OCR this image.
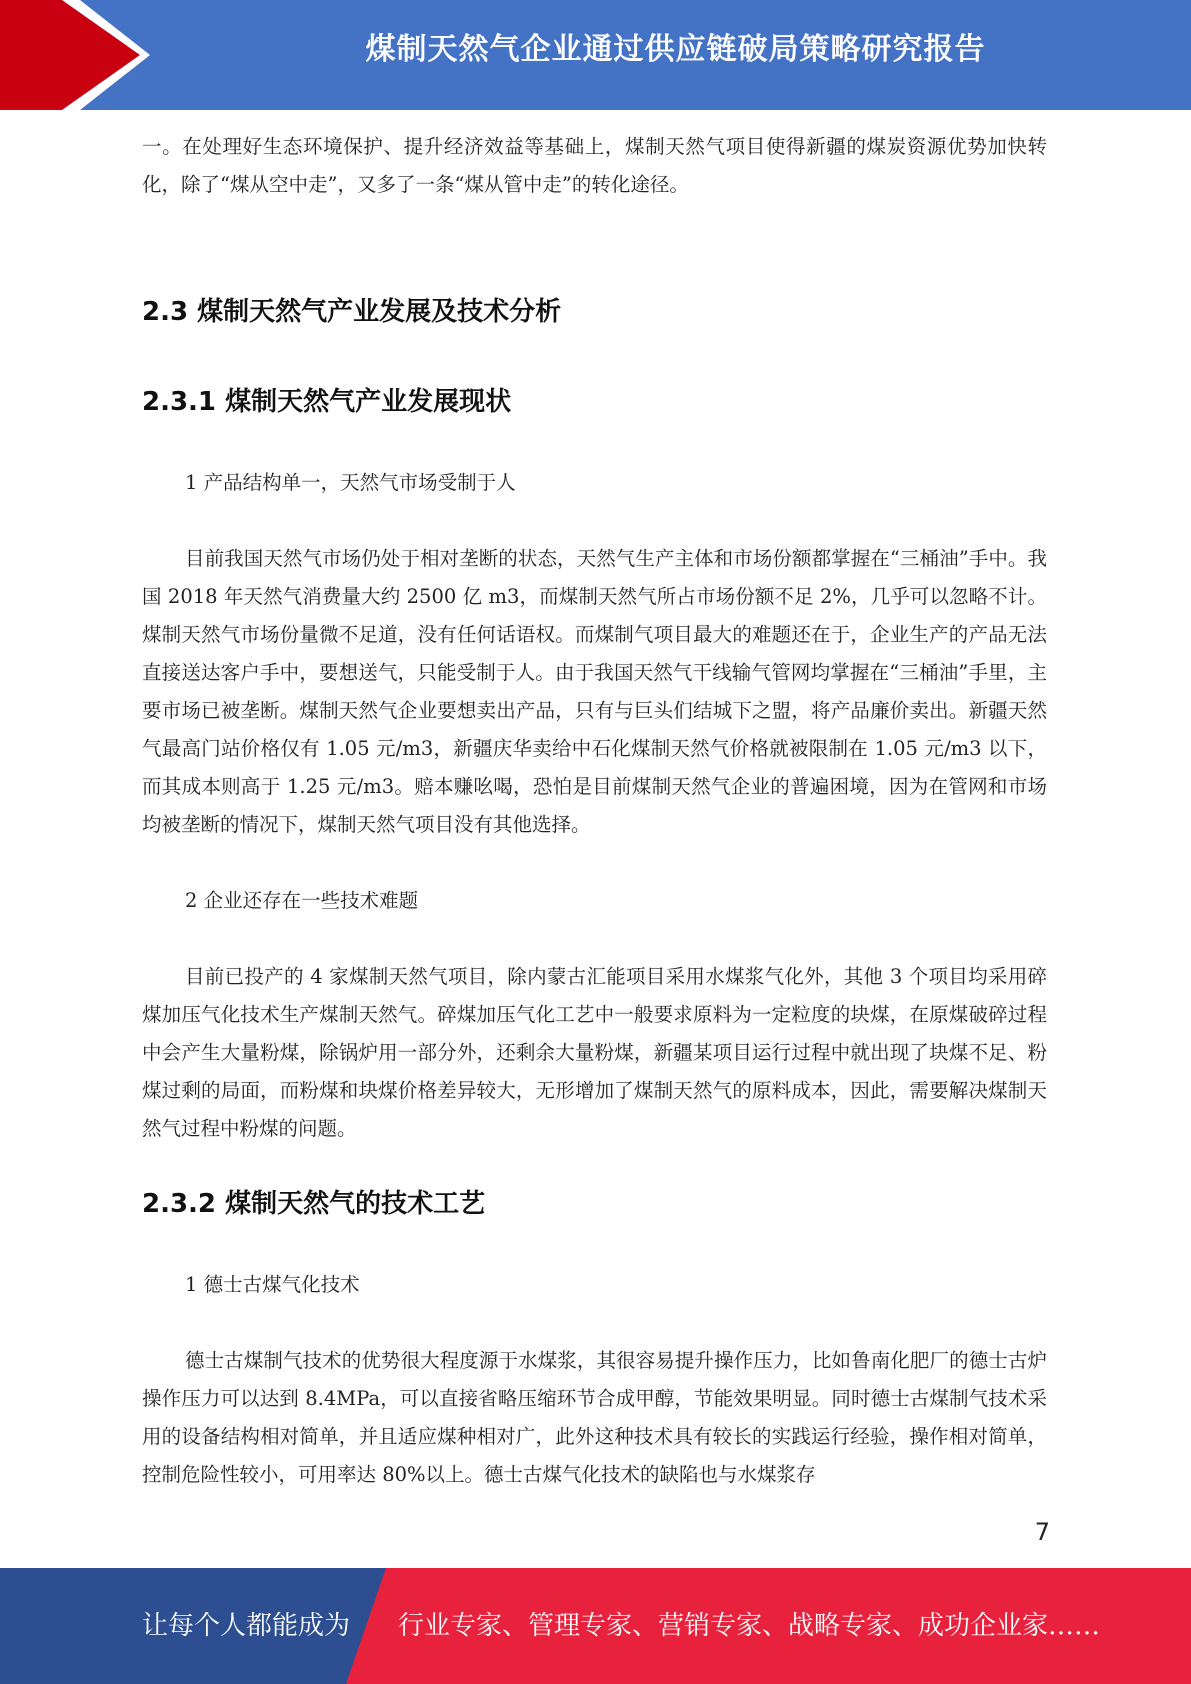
煤制天然气企业通过供应链破局策略研究报告

一。在处理好生态环境保护、提升经济效益等基础上，煤制天然气项目使得新疆的煤炭资源优势加快转化，除了“煤从空中走”，又多了一条“煤从管中走”的转化途径。

2.3 煤制天然气产业发展及技术分析
2.3.1 煤制天然气产业发展现状

1 产品结构单一，天然气市场受制于人

目前我国天然气市场仍处于相对垄断的状态，天然气生产主体和市场份额都掌握在“三桶油”手中。我国 2018 年天然气消费量大约 2500 亿 m3，而煤制天然气所占市场份额不足 2%，几乎可以忽略不计。煤制天然气市场份量微不足道，没有任何话语权。而煤制气项目最大的难题还在于，企业生产的产品无法直接送达客户手中，要想送气，只能受制于人。由于我国天然气干线输气管网均掌握在“三桶油”手里，主要市场已被垄断。煤制天然气企业要想卖出产品，只有与巨头们结城下之盟，将产品廉价卖出。新疆天然气最高门站价格仅有 1.05 元/m3，新疆庆华卖给中石化煤制天然气价格就被限制在 1.05 元/m3 以下，而其成本则高于 1.25 元/m3。赔本赚吆喝，恐怕是目前煤制天然气企业的普遍困境，因为在管网和市场均被垄断的情况下，煤制天然气项目没有其他选择。

2 企业还存在一些技术难题

目前已投产的 4 家煤制天然气项目，除内蒙古汇能项目采用水煤浆气化外，其他 3 个项目均采用碎煤加压气化技术生产煤制天然气。碎煤加压气化工艺中一般要求原料为一定粒度的块煤，在原煤破碎过程中会产生大量粉煤，除锅炉用一部分外，还剩余大量粉煤，新疆某项目运行过程中就出现了块煤不足、粉煤过剩的局面，而粉煤和块煤价格差异较大，无形增加了煤制天然气的原料成本，因此，需要解决煤制天然气过程中粉煤的问题。

2.3.2 煤制天然气的技术工艺

1 德士古煤气化技术

德士古煤制气技术的优势很大程度源于水煤浆，其很容易提升操作压力，比如鲁南化肥厂的德士古炉操作压力可以达到 8.4MPa，可以直接省略压缩环节合成甲醇，节能效果明显。同时德士古煤制气技术采用的设备结构相对简单，并且适应煤种相对广，此外这种技术具有较长的实践运行经验，操作相对简单，控制危险性较小，可用率达 80%以上。德士古煤气化技术的缺陷也与水煤浆存

7
让每个人都能成为 行业专家、管理专家、营销专家、战略专家、成功企业家……
